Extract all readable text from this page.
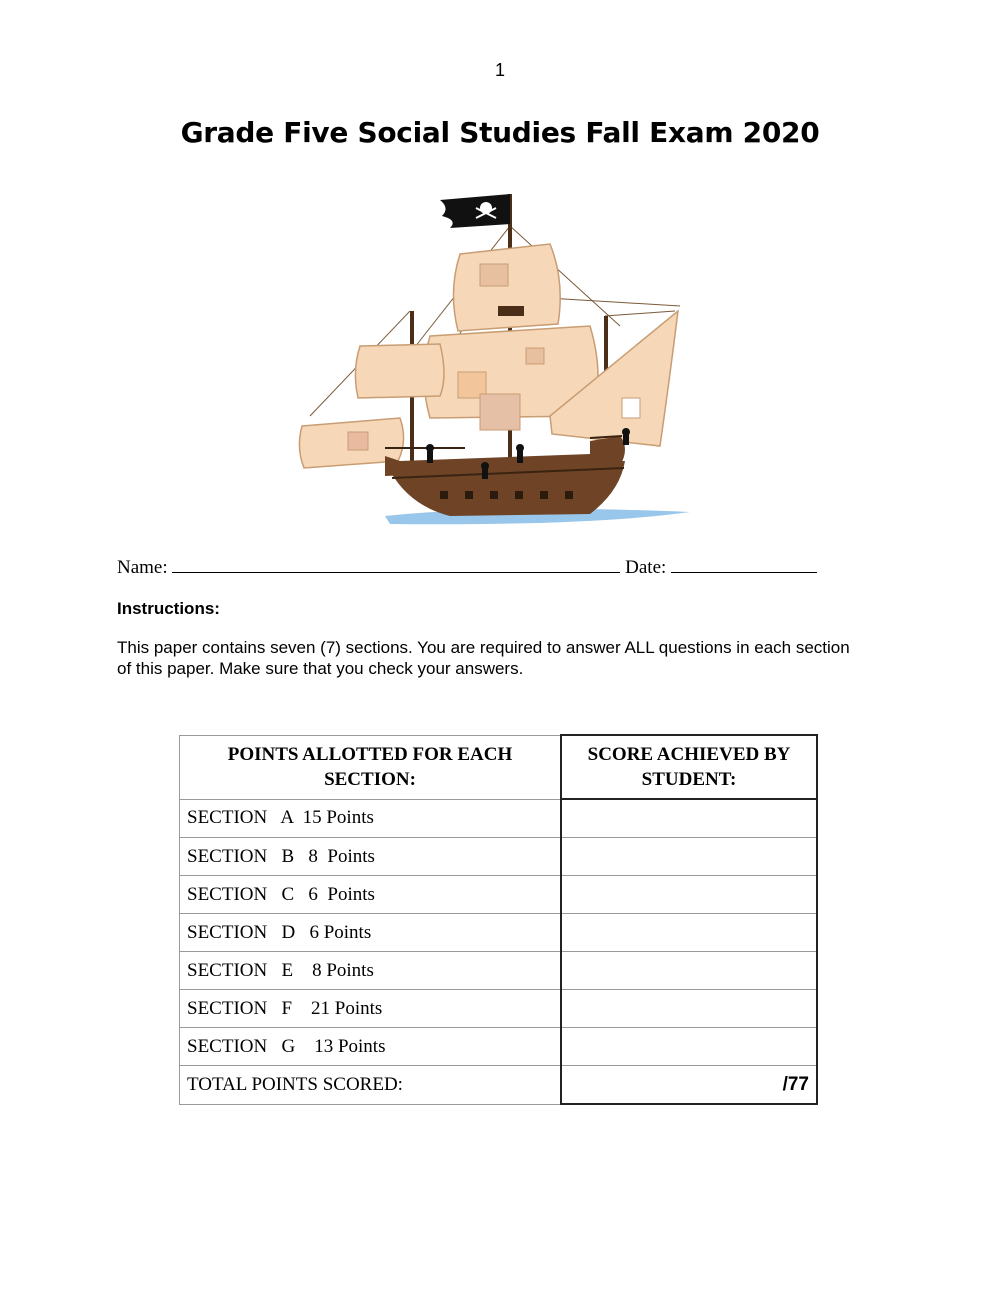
1
Grade Five Social Studies Fall Exam 2020
Name:	Date:
Instructions:
This paper contains seven (7) sections. You are required to answer ALL questions in each section of this paper. Make sure that you check your answers.
POINTS ALLOTTED FOR EACH SECTION:	SCORE ACHIEVED BY STUDENT:
SECTION   A  15 Points	
SECTION   B   8  Points	
SECTION   C   6  Points	
SECTION   D   6 Points	
SECTION   E    8 Points	
SECTION   F    21 Points	
SECTION   G    13 Points	
TOTAL POINTS SCORED:	/77
